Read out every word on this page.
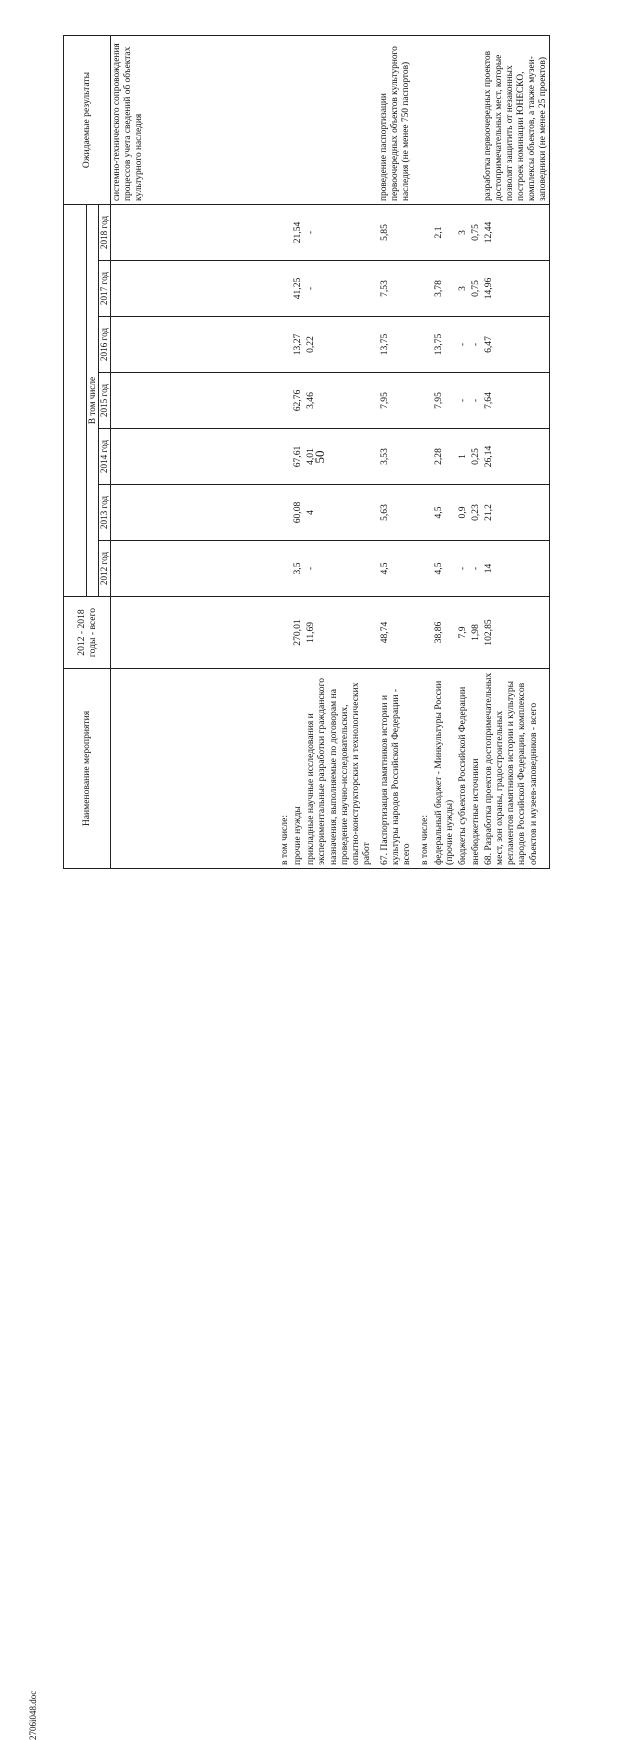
50
Наименование мероприятия	2012 - 2018 годы - всего								Ожидаемые результаты
		В том числе							
		2012 год	2013 год	2014 год	2015 год	2016 год	2017 год	2018 год	
									системно-технического сопровождения процессов учета сведений об объектах культурного наследия
в том числе:									
прочие нужды	270,01	3,5	60,08	67,61	62,76	13,27	41,25	21,54	
прикладные научные исследования и экспериментальные разработки гражданского назначения, выполняемые по договорам на проведение научно-исследовательских, опытно-конструкторских и технологических работ	11,69	-	4	4,01	3,46	0,22	-	-	
67. Паспортизация памятников истории и культуры народов Российской Федерации - всего	48,74	4,5	5,63	3,53	7,95	13,75	7,53	5,85	проведение паспортизации первоочередных объектов культурного наследия (не менее 750 паспортов)
в том числе:									
федеральный бюджет - Минкультуры России (прочие нужды)	38,86	4,5	4,5	2,28	7,95	13,75	3,78	2,1	
бюджеты субъектов Российской Федерации	7,9	-	0,9	1	-	-	3	3	
внебюджетные источники	1,98	-	0,23	0,25	-	-	0,75	0,75	
68. Разработка проектов достопримечательных мест, зон охраны, градостроительных регламентов памятников истории и культуры народов Российской Федерации, комплексов объектов и музеев-заповедников - всего	102,85	14	21,2	26,14	7,64	6,47	14,96	12,44	разработка первоочередных проектов достопримечательных мест, которые позволят защитить от незаконных построек номинации ЮНЕСКО, комплексы объектов, а также музеи-заповедники (не менее 25 проектов)
2706i048.doc
